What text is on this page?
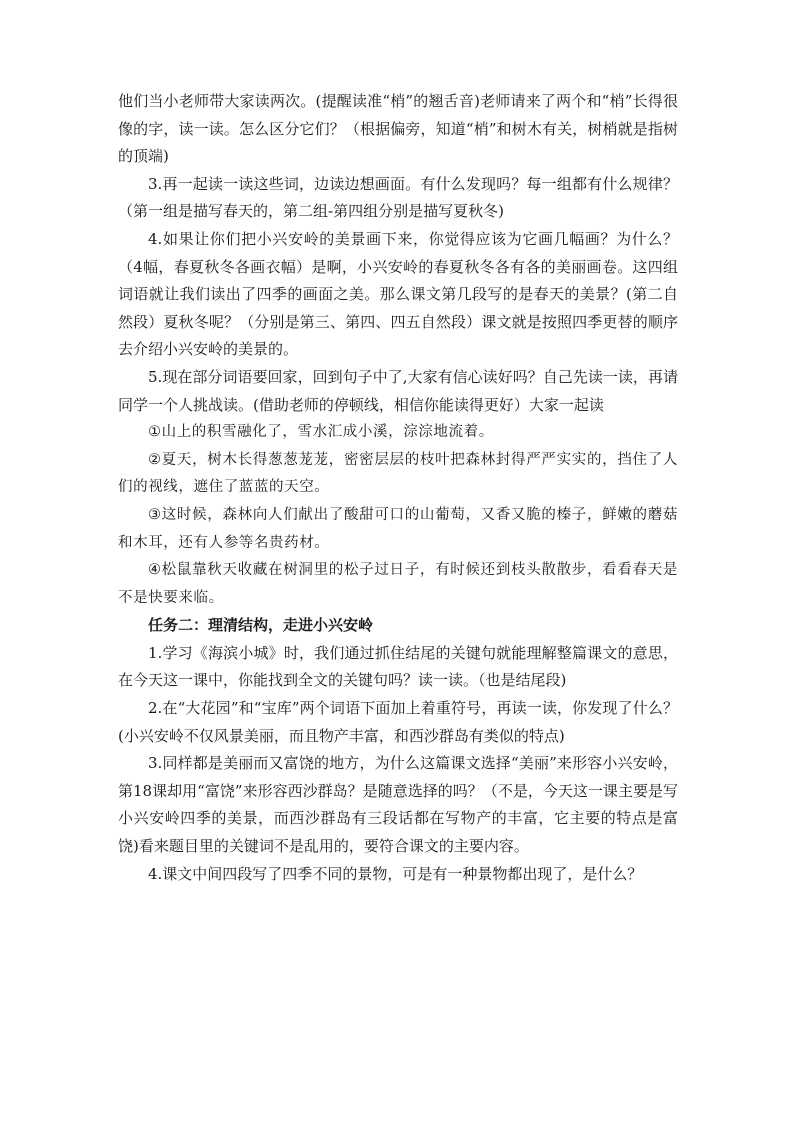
他们当小老师带大家读两次。(提醒读准“梢”的翘舌音)老师请来了两个和“梢”长得很像的字，读一读。怎么区分它们？（根据偏旁，知道“梢”和树木有关，树梢就是指树的顶端)

3.再一起读一读这些词，边读边想画面。有什么发现吗？每一组都有什么规律？（第一组是描写春天的，第二组-第四组分别是描写夏秋冬)

4.如果让你们把小兴安岭的美景画下来，你觉得应该为它画几幅画？为什么？（4幅，春夏秋冬各画衣幅）是啊，小兴安岭的春夏秋冬各有各的美丽画卷。这四组词语就让我们读出了四季的画面之美。那么课文第几段写的是春天的美景？(第二自然段）夏秋冬呢？（分别是第三、第四、四五自然段）课文就是按照四季更替的顺序去介绍小兴安岭的美景的。

5.现在部分词语要回家，回到句子中了,大家有信心读好吗？自己先读一读，再请同学一个人挑战读。(借助老师的停顿线，相信你能读得更好）大家一起读

①山上的积雪融化了，雪水汇成小溪，淙淙地流着。

②夏天，树木长得葱葱茏茏，密密层层的枝叶把森林封得严严实实的，挡住了人们的视线，遮住了蓝蓝的天空。

③这时候，森林向人们献出了酸甜可口的山葡萄，又香又脆的榛子，鲜嫩的蘑菇和木耳，还有人参等名贵药材。

④松鼠靠秋天收藏在树洞里的松子过日子，有时候还到枝头散散步，看看春天是不是快要来临。

任务二：理清结构，走进小兴安岭

1.学习《海滨小城》时，我们通过抓住结尾的关键句就能理解整篇课文的意思，在今天这一课中，你能找到全文的关键句吗？读一读。（也是结尾段)

2.在“大花园”和“宝库”两个词语下面加上着重符号，再读一读，你发现了什么？(小兴安岭不仅风景美丽，而且物产丰富，和西沙群岛有类似的特点)

3.同样都是美丽而又富饶的地方，为什么这篇课文选择“美丽”来形容小兴安岭，第18课却用“富饶”来形容西沙群岛？是随意选择的吗？（不是，今天这一课主要是写小兴安岭四季的美景，而西沙群岛有三段话都在写物产的丰富，它主要的特点是富饶)看来题目里的关键词不是乱用的，要符合课文的主要内容。

4.课文中间四段写了四季不同的景物，可是有一种景物都出现了，是什么？
